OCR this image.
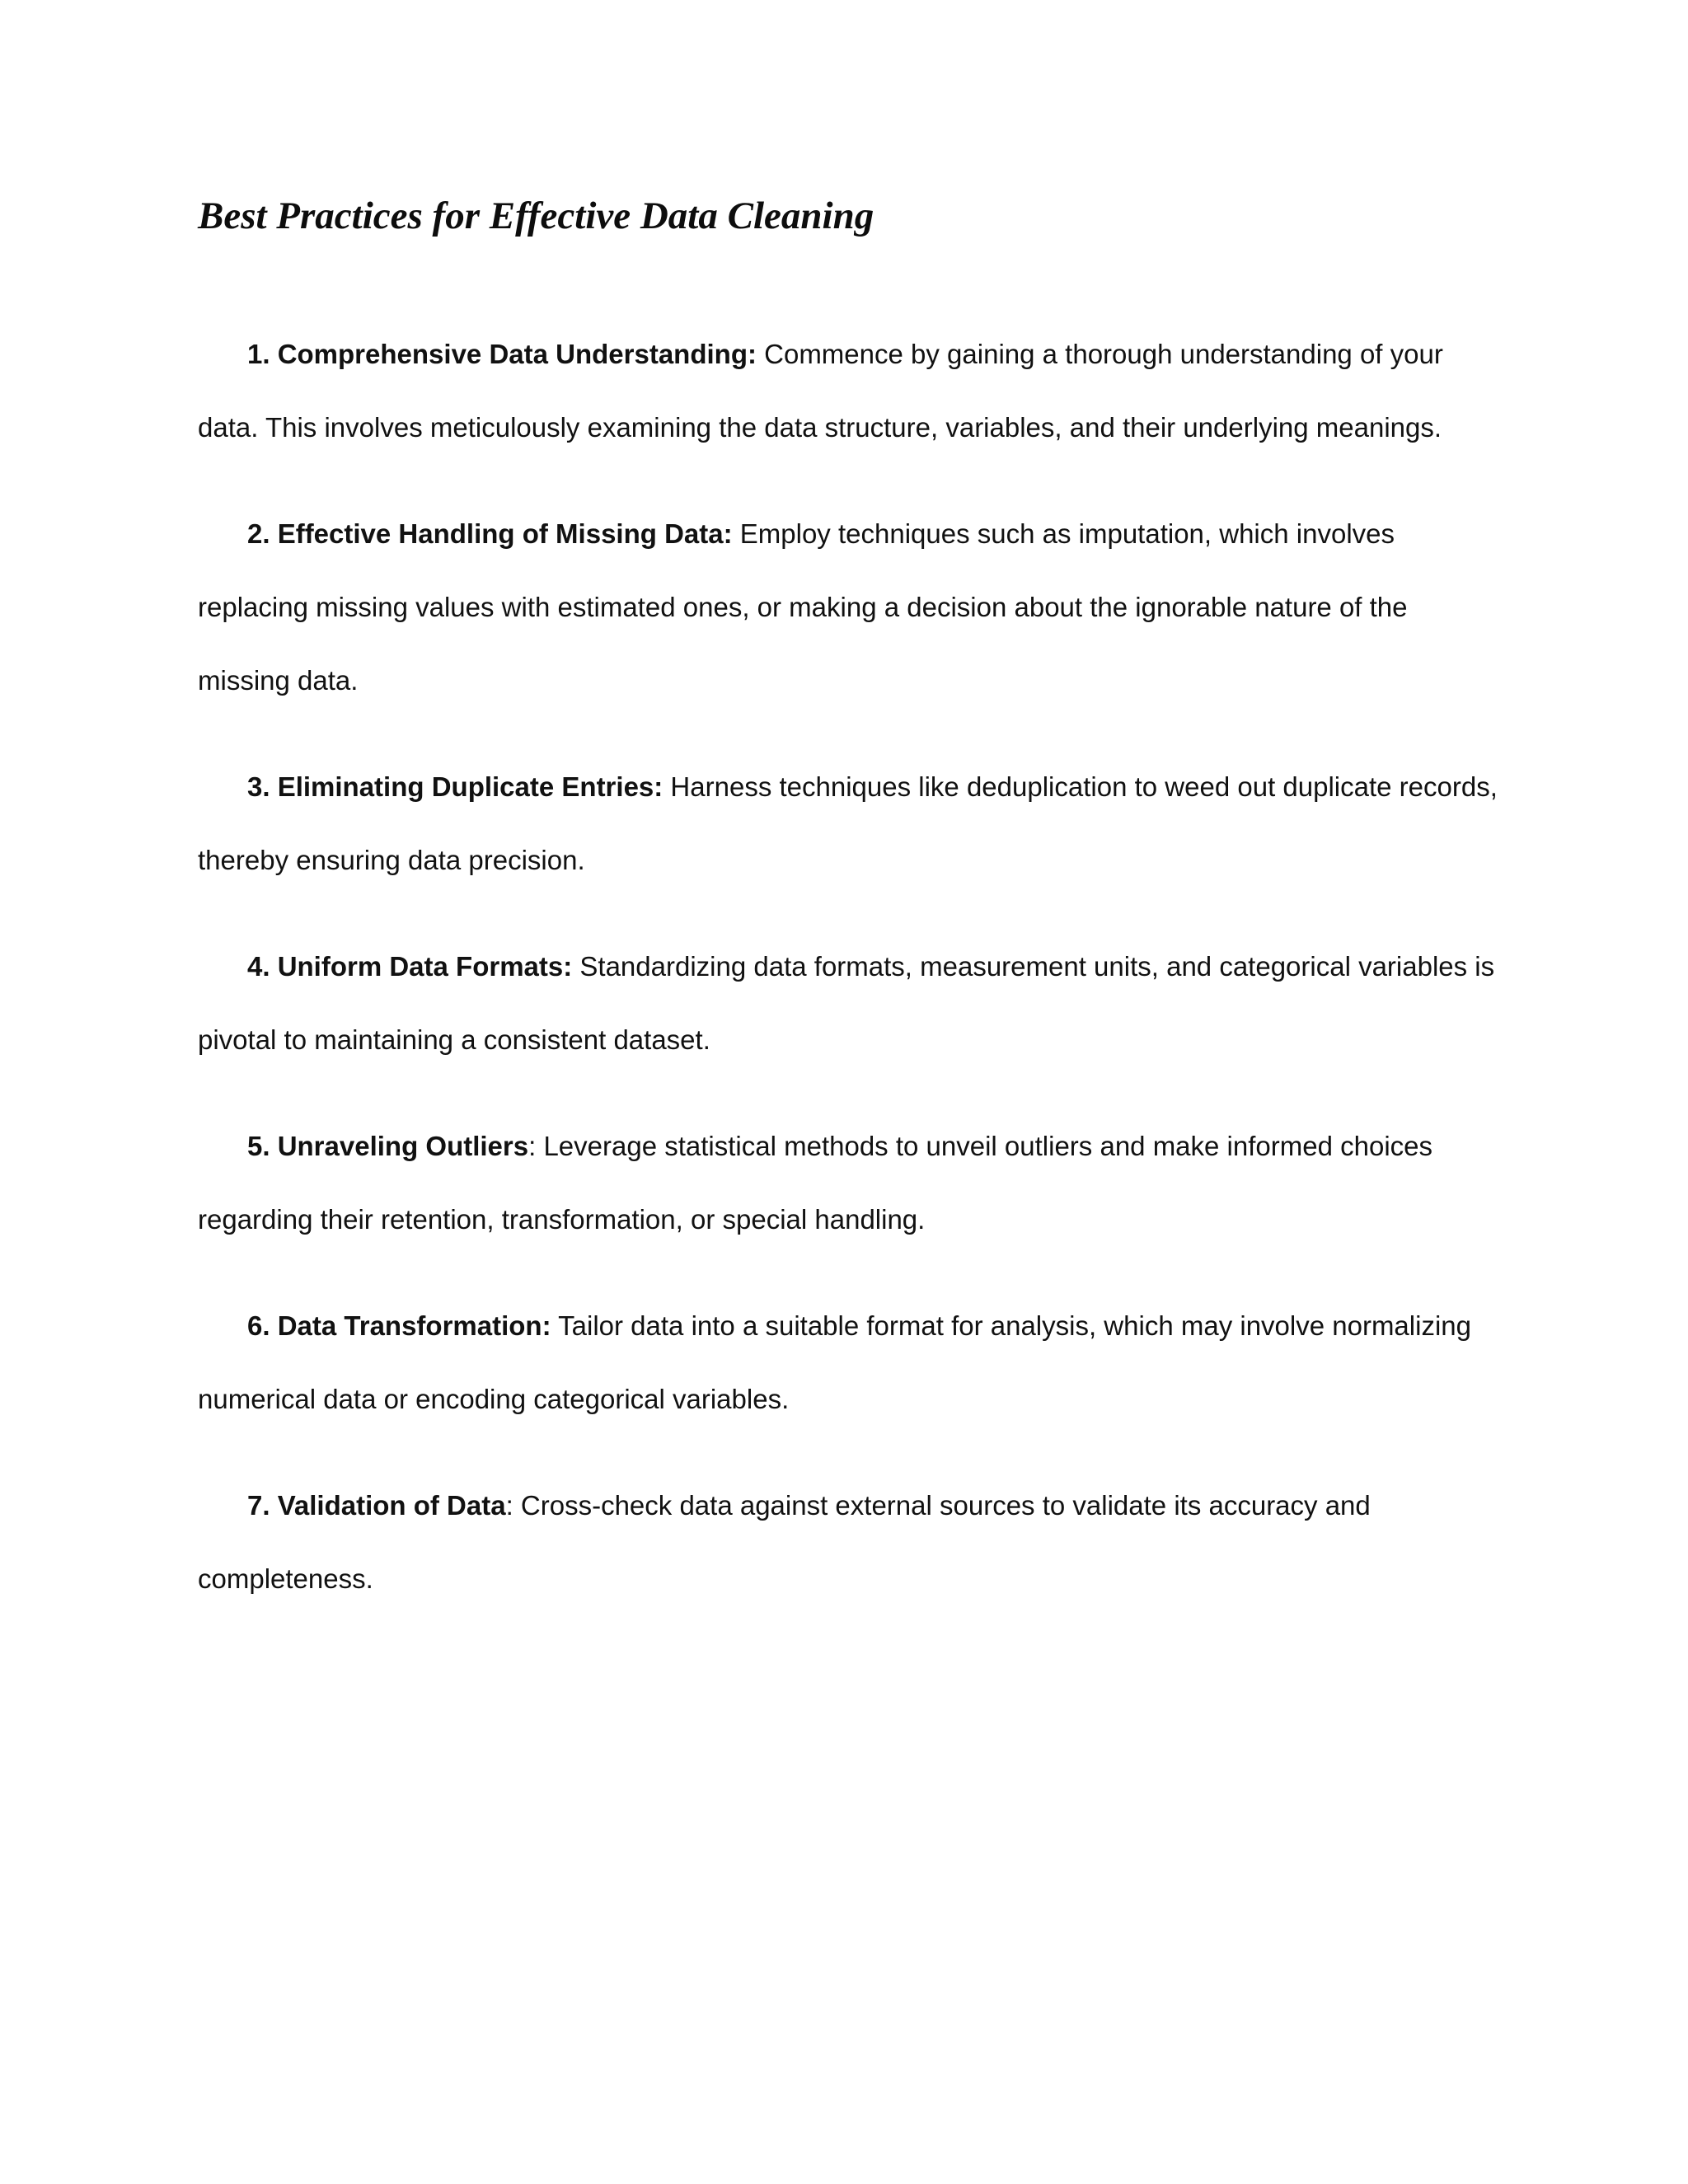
Best Practices for Effective Data Cleaning

1. Comprehensive Data Understanding: Commence by gaining a thorough understanding of your data. This involves meticulously examining the data structure, variables, and their underlying meanings.

2. Effective Handling of Missing Data: Employ techniques such as imputation, which involves replacing missing values with estimated ones, or making a decision about the ignorable nature of the missing data.

3. Eliminating Duplicate Entries: Harness techniques like deduplication to weed out duplicate records, thereby ensuring data precision.

4. Uniform Data Formats: Standardizing data formats, measurement units, and categorical variables is pivotal to maintaining a consistent dataset.

5. Unraveling Outliers: Leverage statistical methods to unveil outliers and make informed choices regarding their retention, transformation, or special handling.

6. Data Transformation: Tailor data into a suitable format for analysis, which may involve normalizing numerical data or encoding categorical variables.

7. Validation of Data: Cross-check data against external sources to validate its accuracy and completeness.
